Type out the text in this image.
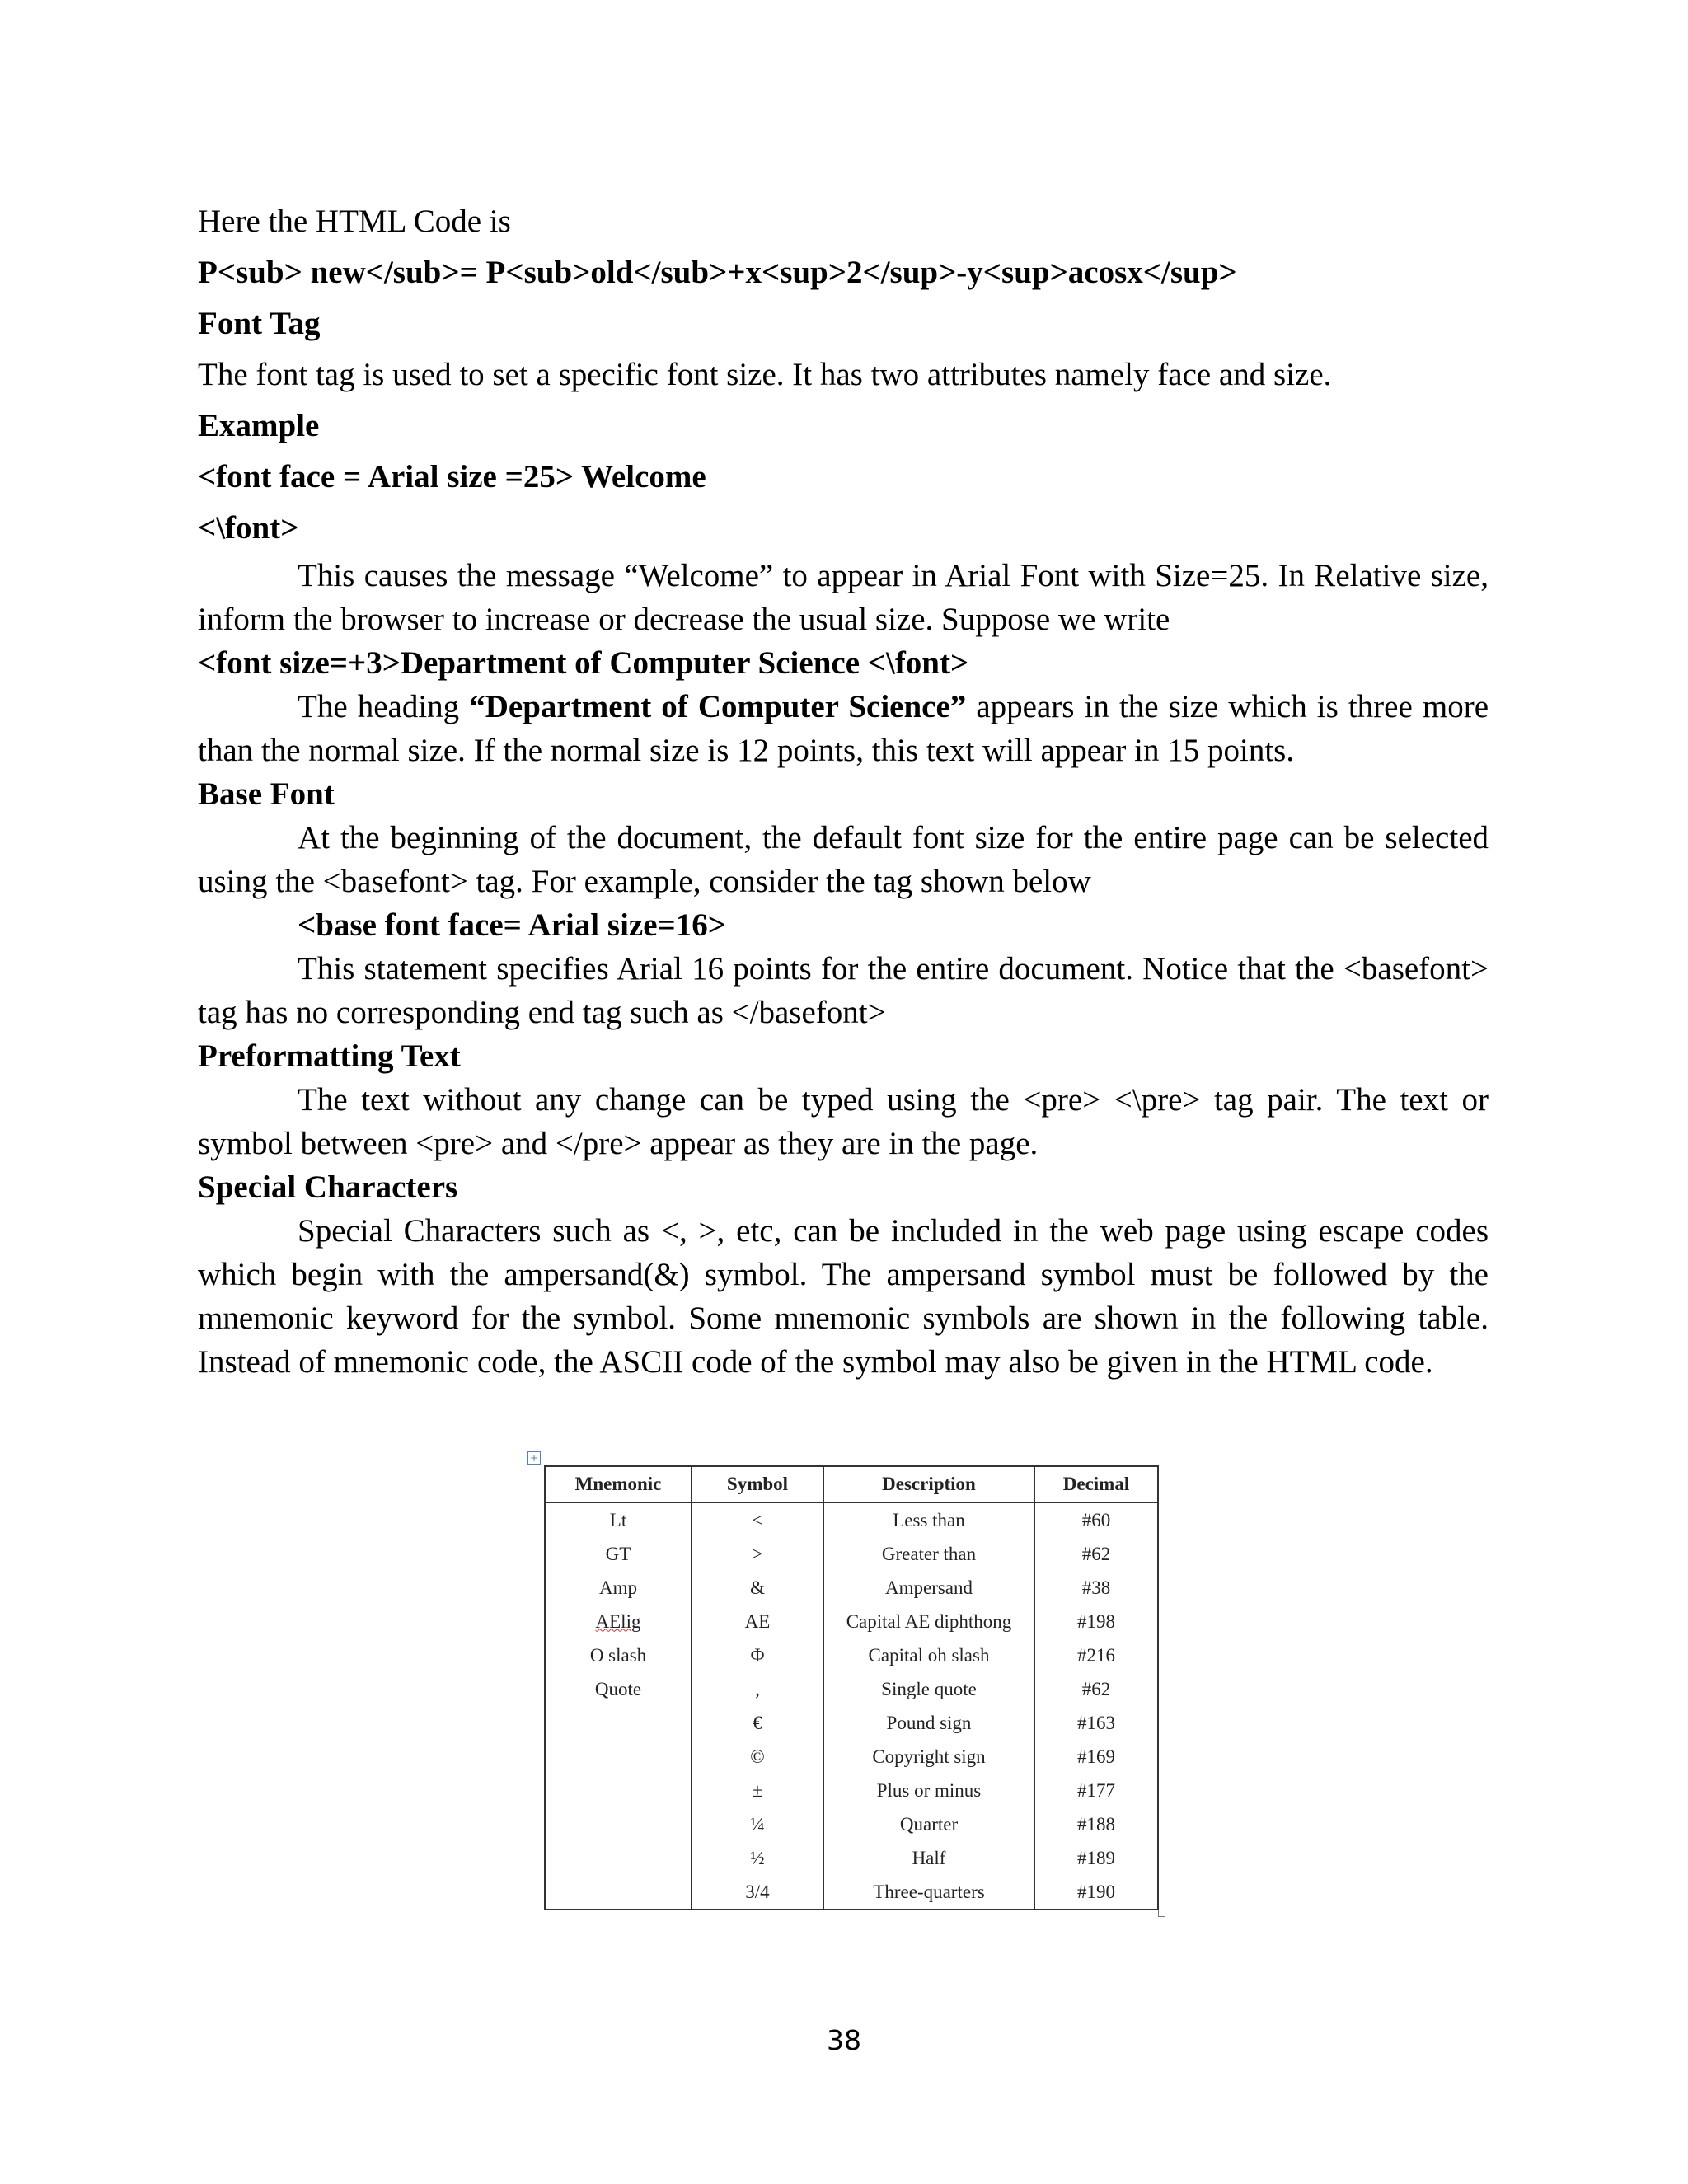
Here the HTML Code is
P<sub> new</sub>= P<sub>old</sub>+x<sup>2</sup>-y<sup>acosx</sup>
Font Tag
The font tag is used to set a specific font size. It has two attributes namely face and size.
Example
<font face = Arial size =25> Welcome
<\font>

This causes the message “Welcome” to appear in Arial Font with Size=25. In Relative size, inform the browser to increase or decrease the usual size. Suppose we write

<font size=+3>Department of Computer Science <\font>

The heading “Department of Computer Science” appears in the size which is three more than the normal size. If the normal size is 12 points, this text will appear in 15 points.

Base Font

At the beginning of the document, the default font size for the entire page can be selected using the <basefont> tag. For example, consider the tag shown below

<base font face= Arial size=16>

This statement specifies Arial 16 points for the entire document. Notice that the <basefont> tag has no corresponding end tag such as </basefont>

Preformatting Text

The text without any change can be typed using the <pre> <\pre> tag pair. The text or symbol between <pre> and </pre> appear as they are in the page.

Special Characters

Special Characters such as <, >, etc, can be included in the web page using escape codes which begin with the ampersand(&) symbol. The ampersand symbol must be followed by the mnemonic keyword for the symbol. Some mnemonic symbols are shown in the following table. Instead of mnemonic code, the ASCII code of the symbol may also be given in the HTML code.

+
Mnemonic	Symbol	Description	Decimal
Lt	<	Less than	#60
GT	>	Greater than	#62
Amp	&	Ampersand	#38
AElig	AE	Capital AE diphthong	#198
O slash	Φ	Capital oh slash	#216
Quote	,	Single quote	#62
	€	Pound sign	#163
	©	Copyright sign	#169
	±	Plus or minus	#177
	¼	Quarter	#188
	½	Half	#189
	3/4	Three-quarters	#190
38
